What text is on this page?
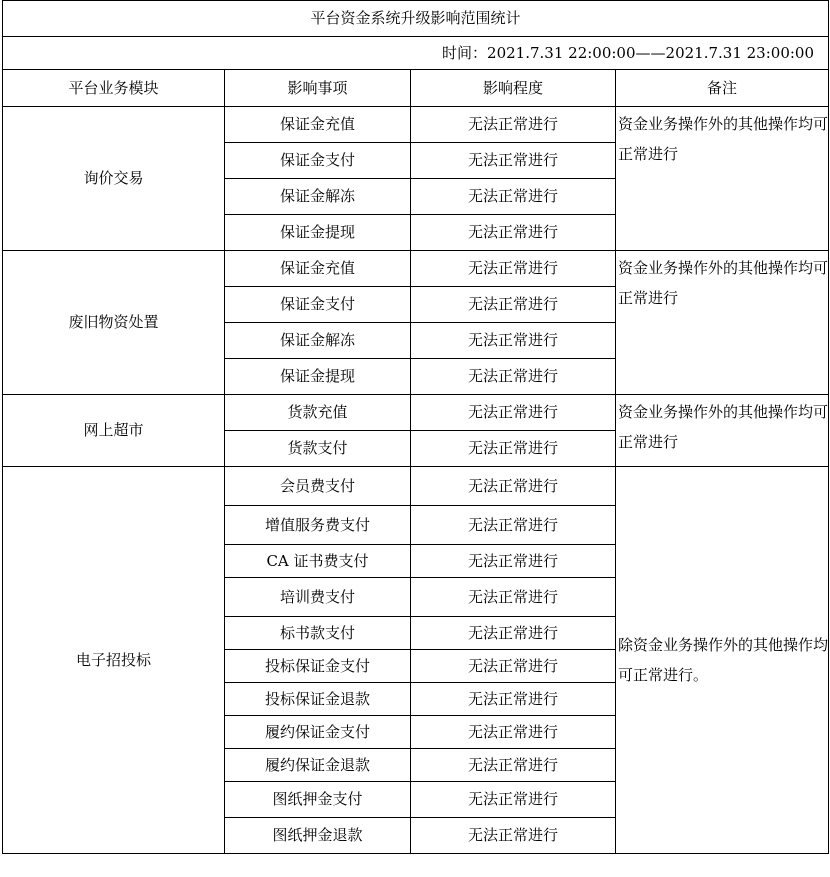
平台资金系统升级影响范围统计			
时间：2021.7.31 22:00:00——2021.7.31 23:00:00			
平台业务模块	影响事项	影响程度	备注
询价交易	保证金充值	无法正常进行	资金业务操作外的其他操作均可正常进行
	保证金支付	无法正常进行	
	保证金解冻	无法正常进行	
	保证金提现	无法正常进行	
废旧物资处置	保证金充值	无法正常进行	资金业务操作外的其他操作均可正常进行
	保证金支付	无法正常进行	
	保证金解冻	无法正常进行	
	保证金提现	无法正常进行	
网上超市	货款充值	无法正常进行	资金业务操作外的其他操作均可正常进行
	货款支付	无法正常进行	
电子招投标	会员费支付	无法正常进行	除资金业务操作外的其他操作均可正常进行。
	增值服务费支付	无法正常进行	
	CA 证书费支付	无法正常进行	
	培训费支付	无法正常进行	
	标书款支付	无法正常进行	
	投标保证金支付	无法正常进行	
	投标保证金退款	无法正常进行	
	履约保证金支付	无法正常进行	
	履约保证金退款	无法正常进行	
	图纸押金支付	无法正常进行	
	图纸押金退款	无法正常进行	
